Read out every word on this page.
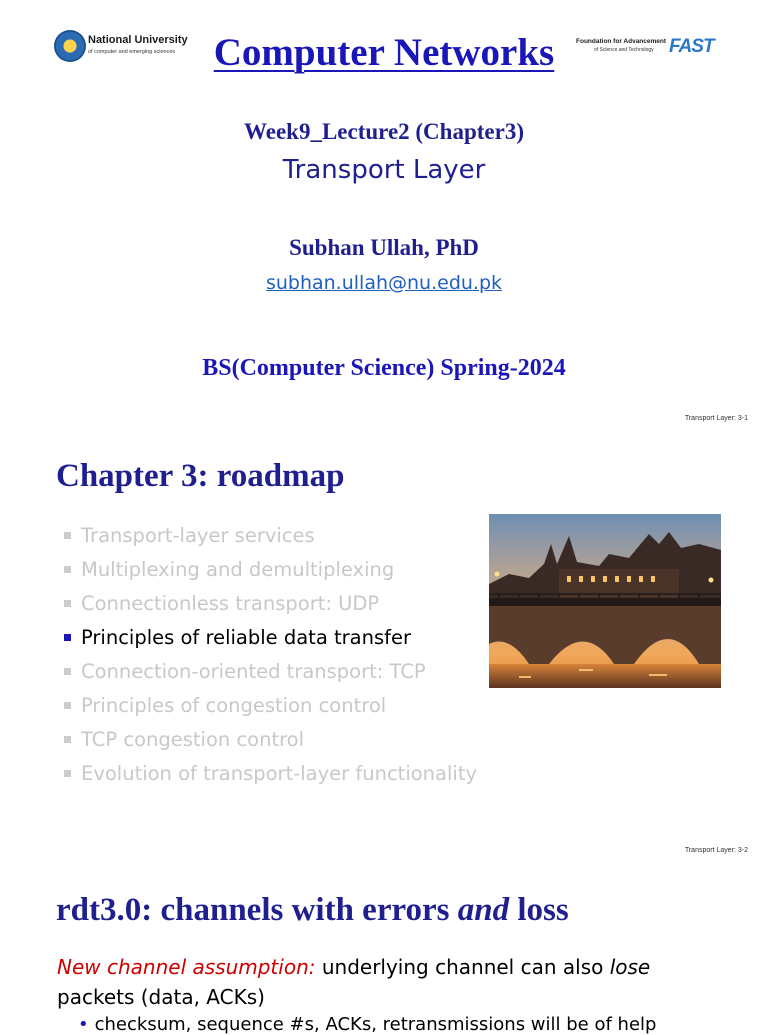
National University
of computer and emerging sciences Computer Networks	Foundation for Advancement
of Science and Technology FAST
Week9_Lecture2 (Chapter3)
Transport Layer
Subhan Ullah, PhD
subhan.ullah@nu.edu.pk
BS(Computer Science) Spring-2024
Transport Layer: 3-1
Chapter 3: roadmap
Transport-layer services
Multiplexing and demultiplexing
Connectionless transport: UDP
Principles of reliable data transfer
Connection-oriented transport: TCP
Principles of congestion control
TCP congestion control
Evolution of transport-layer functionality
Transport Layer: 3-2
rdt3.0: channels with errors and loss
New channel assumption: underlying channel can also lose packets (data, ACKs)
• checksum, sequence #s, ACKs, retransmissions will be of help
